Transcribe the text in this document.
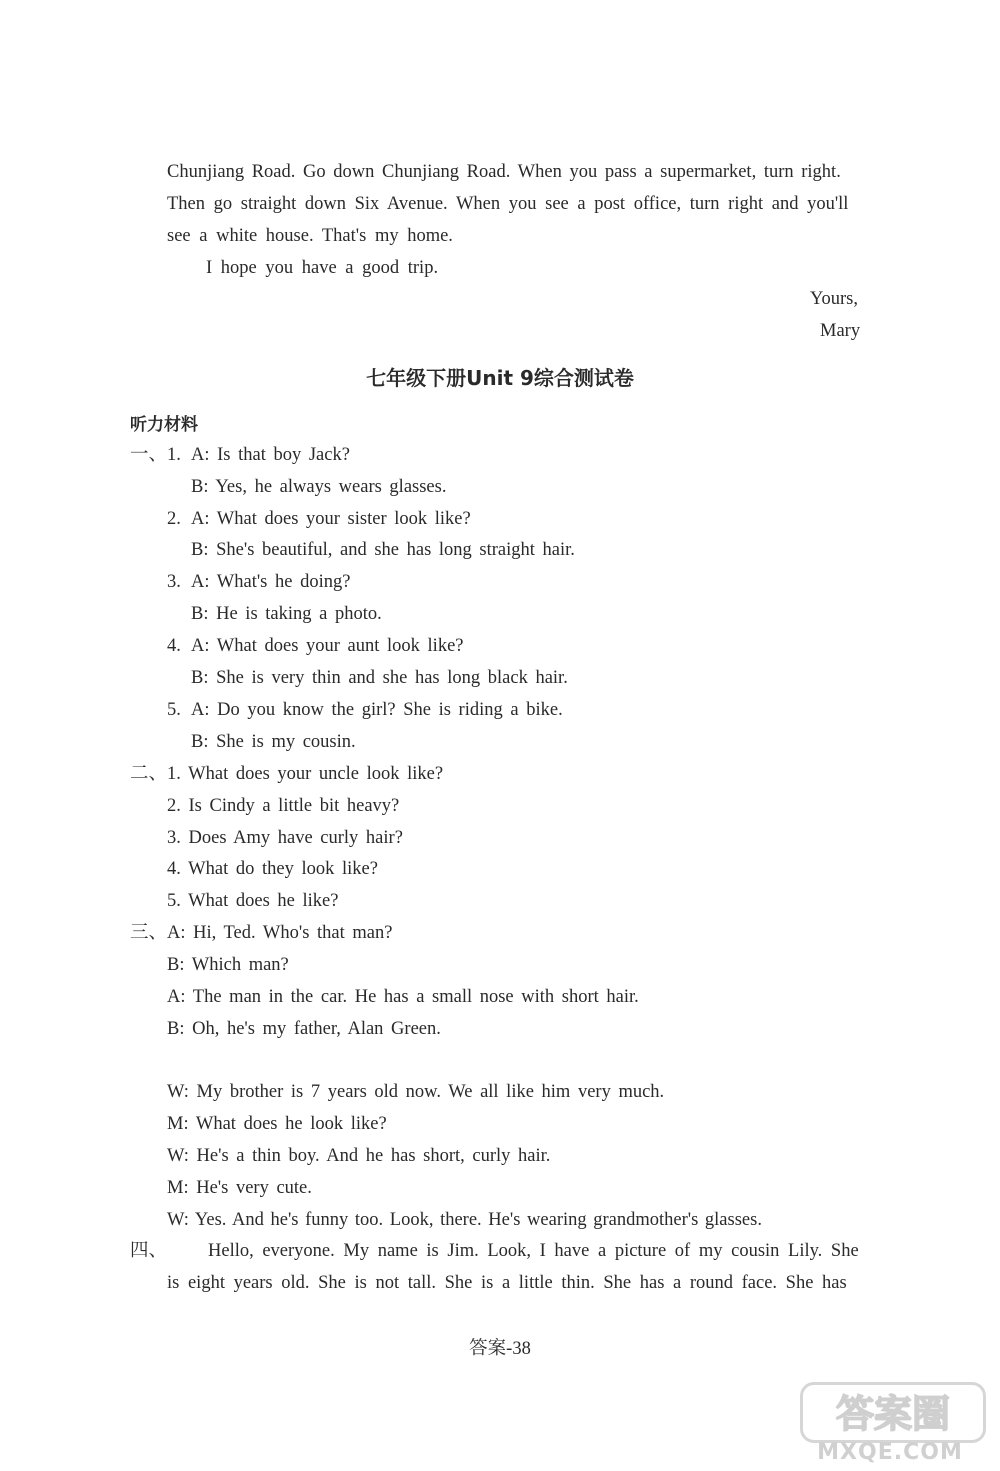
Chunjiang Road. Go down Chunjiang Road. When you pass a supermarket, turn right.
Then go straight down Six Avenue. When you see a post office, turn right and you'll
see a white house. That's my home.
I hope you have a good trip.
Yours,
Mary
七年级下册Unit 9综合测试卷
听力材料
一、 1. A: Is that boy Jack?
B: Yes, he always wears glasses.
2. A: What does your sister look like?
B: She's beautiful, and she has long straight hair.
3. A: What's he doing?
B: He is taking a photo.
4. A: What does your aunt look like?
B: She is very thin and she has long black hair.
5. A: Do you know the girl? She is riding a bike.
B: She is my cousin.
二、 1. What does your uncle look like?
2. Is Cindy a little bit heavy?
3. Does Amy have curly hair?
4. What do they look like?
5. What does he like?
三、 A: Hi, Ted. Who's that man?
B: Which man?
A: The man in the car. He has a small nose with short hair.
B: Oh, he's my father, Alan Green.
W: My brother is 7 years old now. We all like him very much.
M: What does he look like?
W: He's a thin boy. And he has short, curly hair.
M: He's very cute.
W: Yes. And he's funny too. Look, there. He's wearing grandmother's glasses.
四、 Hello, everyone. My name is Jim. Look, I have a picture of my cousin Lily. She
is eight years old. She is not tall. She is a little thin. She has a round face. She has
答案-38
答案圈
MXQE.COM
